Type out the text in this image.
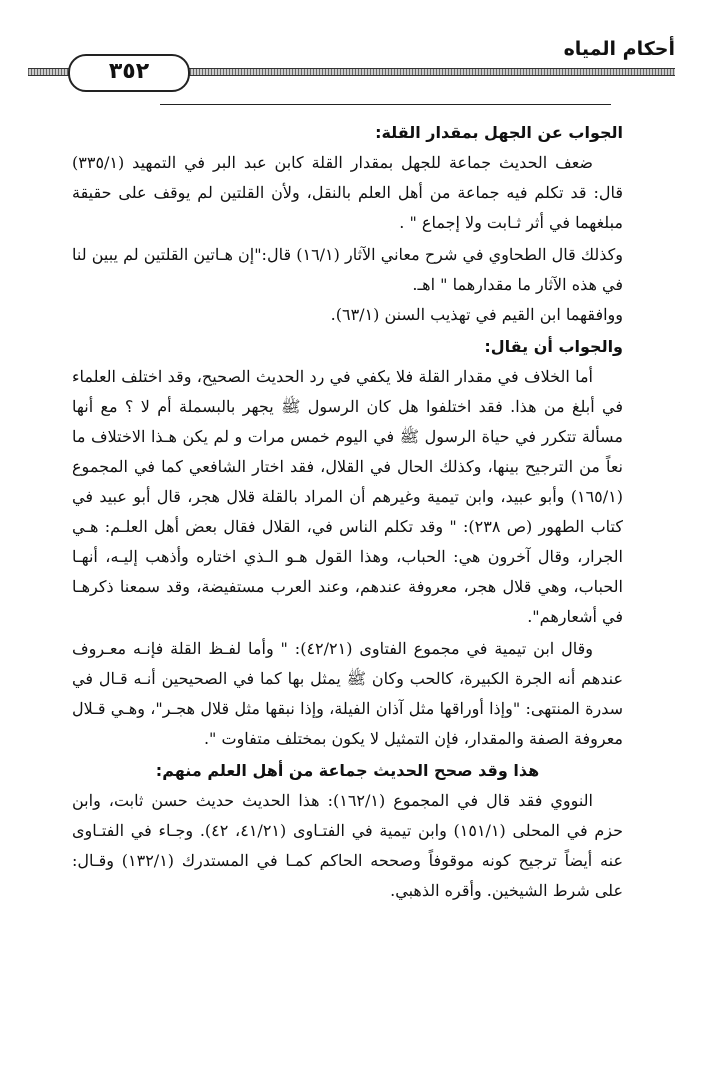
أحكام المياه
٣٥٢

الجواب عن الجهل بمقدار القلة:

ضعف الحديث جماعة للجهل بمقدار القلة كابن عبد البر في التمهيد (٣٣٥/١) قال: قد تكلم فيه جماعة من أهل العلم بالنقل، ولأن القلتين لم يوقف على حقيقة مبلغهما في أثر ثـابت ولا إجماع " .

وكذلك قال الطحاوي في شرح معاني الآثار (١٦/١) قال:"إن هـاتين القلتين لم يبين لنا في هذه الآثار ما مقدارهما " اهـ.

ووافقهما ابن القيم في تهذيب السنن (٦٣/١).

والجواب أن يقال:

أما الخلاف في مقدار القلة فلا يكفي في رد الحديث الصحيح، وقد اختلف العلماء في أبلغ من هذا. فقد اختلفوا هل كان الرسول ﷺ يجهر بالبسملة أم لا ؟ مع أنها مسألة تتكرر في حياة الرسول ﷺ في اليوم خمس مرات و لم يكن هـذا الاختلاف ما نعاً من الترجيح بينها، وكذلك الحال في القلال، فقد اختار الشافعي كما في المجموع (١٦٥/١) وأبو عبيد، وابن تيمية وغيرهم أن المراد بالقلة قلال هجر، قال أبو عبيد في كتاب الطهور (ص ٢٣٨): " وقد تكلم الناس في، القلال فقال بعض أهل العلـم: هـي الجرار، وقال آخرون هي: الحباب، وهذا القول هـو الـذي اختاره وأذهب إليـه، أنهـا الحباب، وهي قلال هجر، معروفة عندهم، وعند العرب مستفيضة، وقد سمعنا ذكرهـا في أشعارهم".

وقال ابن تيمية في مجموع الفتاوى (٤٢/٢١): " وأما لفـظ القلة فإنـه معـروف عندهم أنه الجرة الكبيرة، كالحب وكان ﷺ يمثل بها كما في الصحيحين أنـه قـال في سدرة المنتهى: "وإذا أوراقها مثل آذان الفيلة، وإذا نبقها مثل قلال هجـر"، وهـي قـلال معروفة الصفة والمقدار، فإن التمثيل لا يكون بمختلف متفاوت ".

هذا وقد صحح الحديث جماعة من أهل العلم منهم:

النووي فقد قال في المجموع (١٦٢/١): هذا الحديث حديث حسن ثابت، وابن حزم في المحلى (١٥١/١) وابن تيمية في الفتـاوى (٤١/٢١، ٤٢). وجـاء في الفتـاوى عنه أيضاً ترجيح كونه موقوفاً وصححه الحاكم كمـا في المستدرك (١٣٢/١) وقـال: على شرط الشيخين. وأقره الذهبي.
